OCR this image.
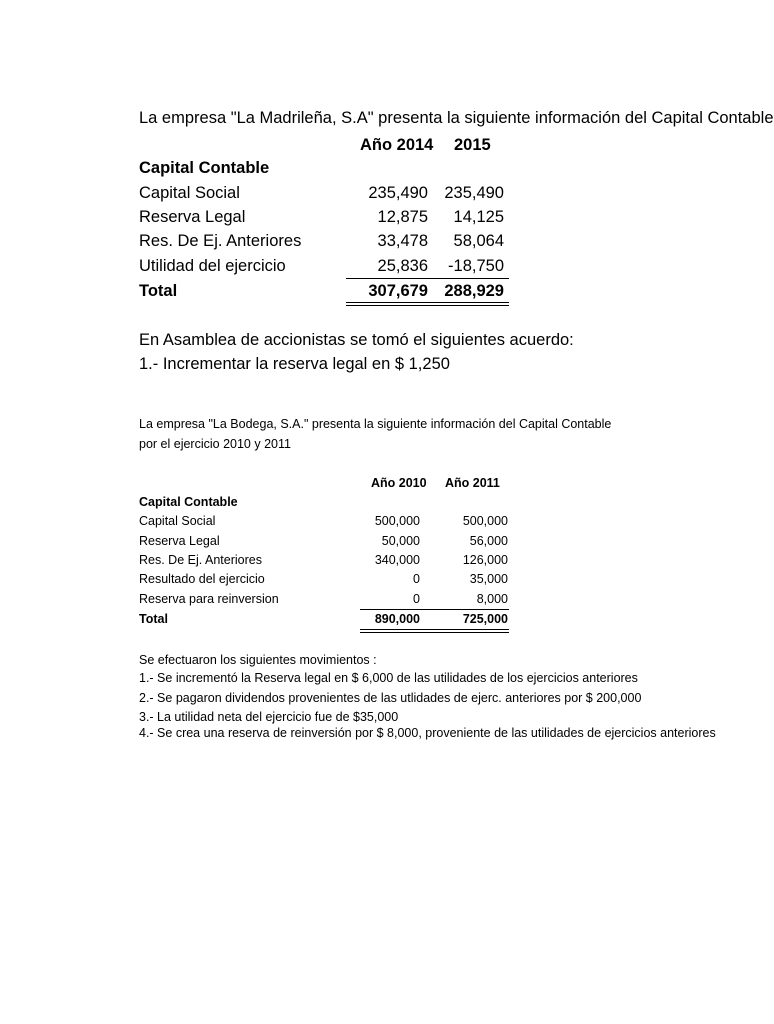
La empresa "La Madrileña, S.A" presenta la siguiente información del Capital Contable
Año 2014 2015
Capital Contable
Capital Social	235,490 235,490
Reserva Legal	12,875	14,125
Res. De Ej. Anteriores	33,478	58,064
Utilidad del ejercicio	25,836	-18,750
Total	307,679 288,929
En Asamblea de accionistas se tomó el siguientes acuerdo:
1.- Incrementar la reserva legal en $ 1,250
La empresa "La Bodega, S.A." presenta la siguiente información del Capital Contable
por el ejercicio 2010 y 2011
Año 2010 Año 2011
Capital Contable
Capital Social	500,000	500,000
Reserva Legal	50,000	56,000
Res. De Ej. Anteriores	340,000	126,000
Resultado del ejercicio	0	35,000
Reserva para reinversion	0	8,000
Total	890,000	725,000
Se efectuaron los siguientes movimientos :
1.- Se incrementó la Reserva legal en $ 6,000 de las utilidades de los ejercicios anteriores
2.- Se pagaron dividendos provenientes de las utlidades de ejerc. anteriores por $ 200,000
3.- La utilidad neta del ejercicio fue de $35,000
4.- Se crea una reserva de reinversión por $ 8,000, proveniente de las utilidades de ejercicios anteriores
